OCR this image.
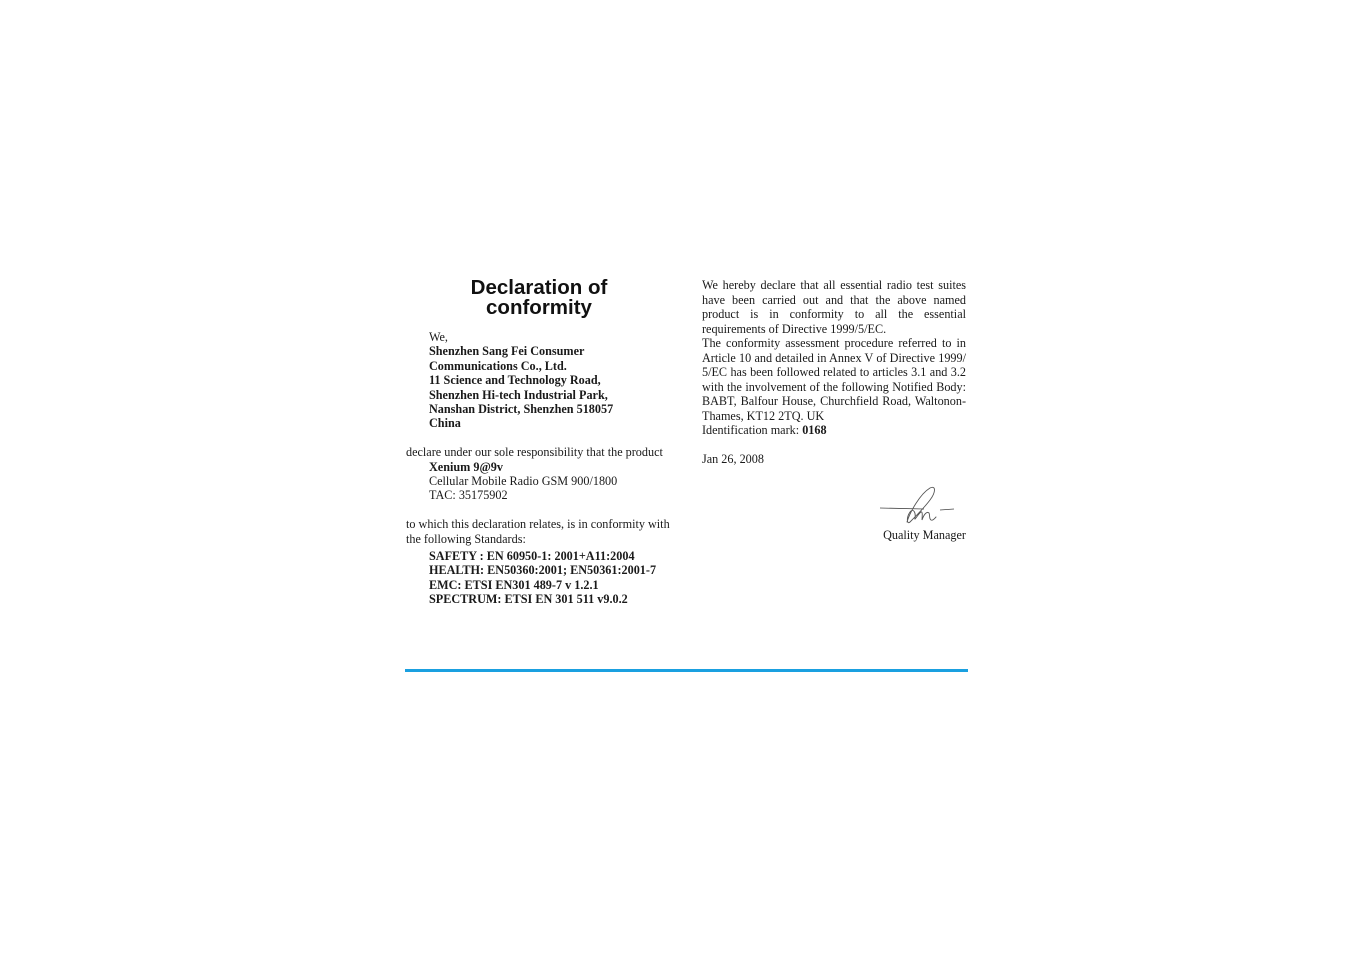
Declaration of
conformity
We,
Shenzhen Sang Fei Consumer
Communications Co., Ltd.
11 Science and Technology Road,
Shenzhen Hi-tech Industrial Park,
Nanshan District, Shenzhen 518057
China
declare under our sole responsibility that the product
Xenium 9@9v
Cellular Mobile Radio GSM 900/1800
TAC: 35175902
to which this declaration relates, is in conformity with
the following Standards:
SAFETY : EN 60950-1: 2001+A11:2004
HEALTH: EN50360:2001; EN50361:2001-7
EMC: ETSI EN301 489-7 v 1.2.1
SPECTRUM: ETSI EN 301 511 v9.0.2
We hereby declare that all essential radio test suites
have been carried out and that the above named
product is in conformity to all the essential
requirements of Directive 1999/5/EC.
The conformity assessment procedure referred to in
Article 10 and detailed in Annex V of Directive 1999/
5/EC has been followed related to articles 3.1 and 3.2
with the involvement of the following Notified Body:
BABT, Balfour House, Churchfield Road, Waltonon-
Thames, KT12 2TQ. UK
Identification mark: 0168
Jan 26, 2008
Quality Manager
